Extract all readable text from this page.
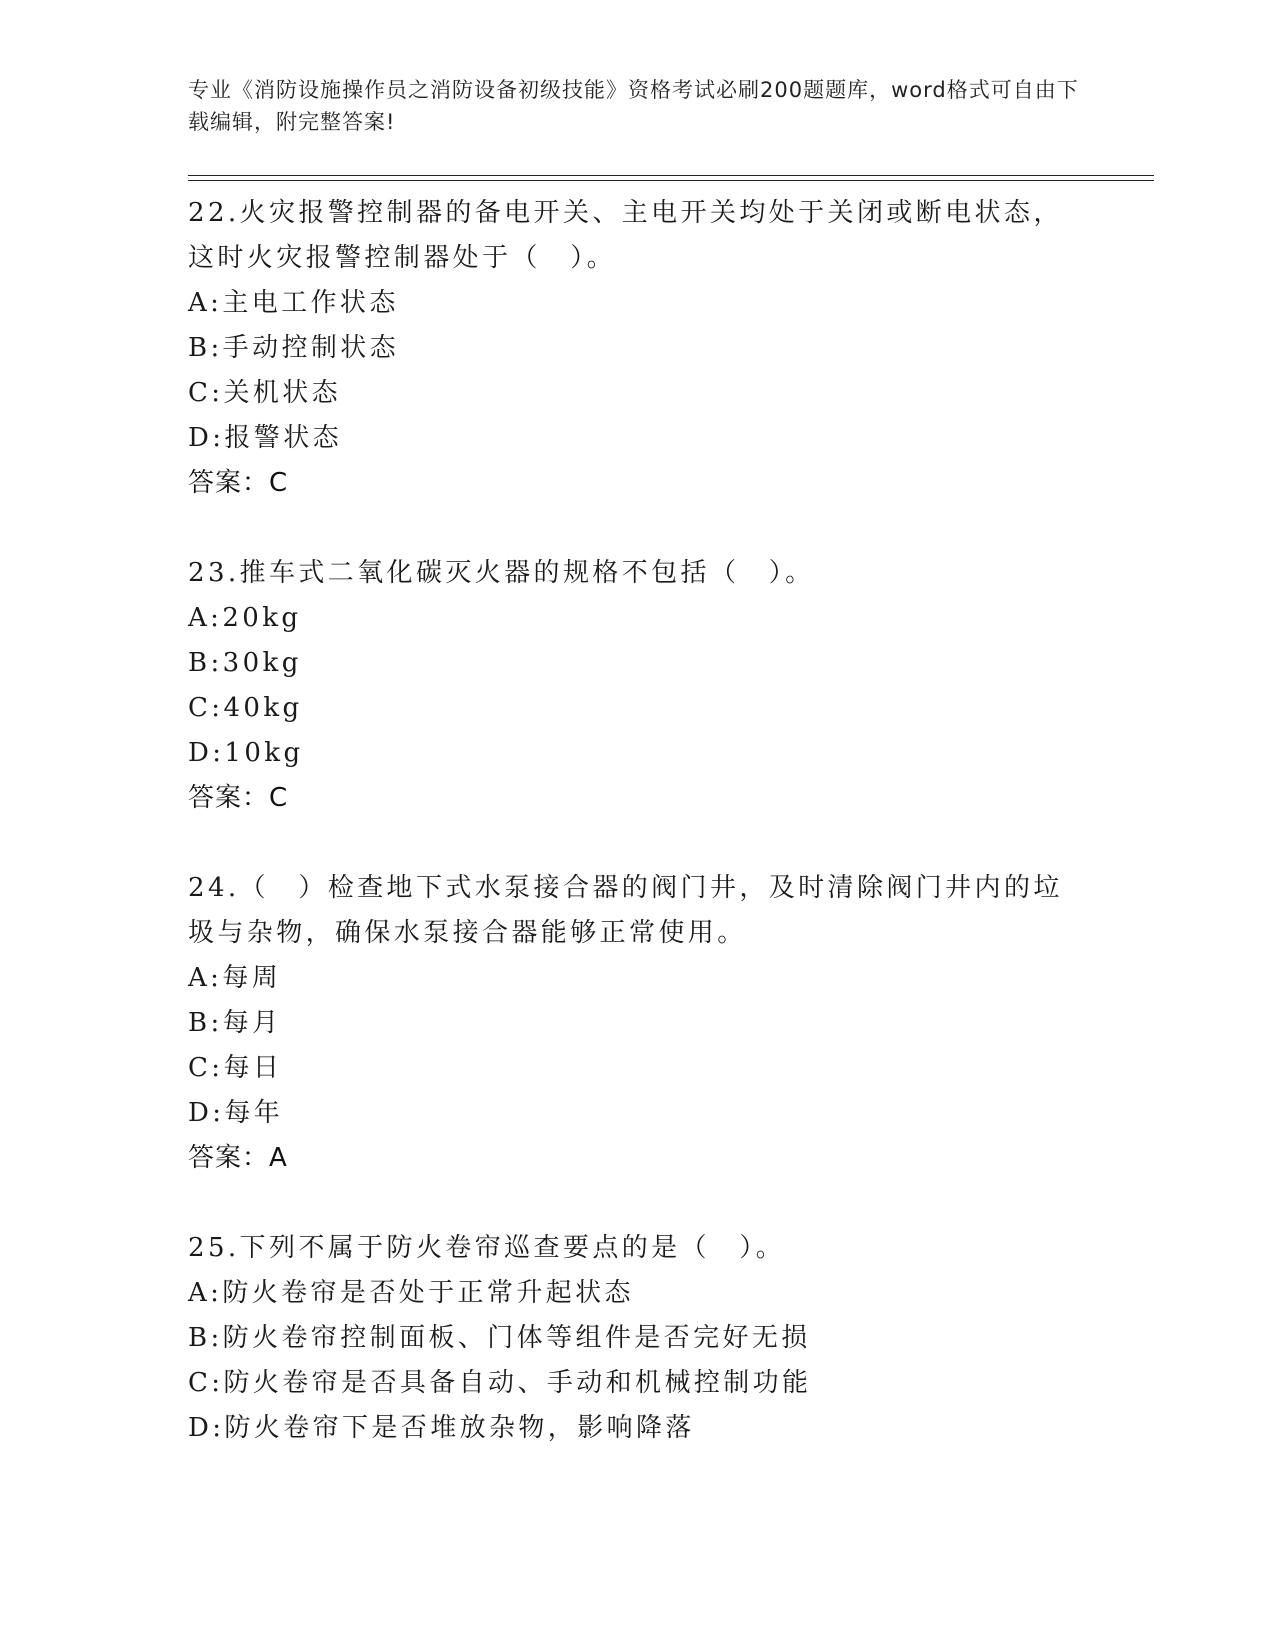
专业《消防设施操作员之消防设备初级技能》资格考试必刷200题题库，word格式可自由下载编辑，附完整答案!
22.火灾报警控制器的备电开关、主电开关均处于关闭或断电状态，这时火灾报警控制器处于（　）。
A:主电工作状态
B:手动控制状态
C:关机状态
D:报警状态
答案：C
23.推车式二氧化碳灭火器的规格不包括（　）。
A:20kg
B:30kg
C:40kg
D:10kg
答案：C
24.（　）检查地下式水泵接合器的阀门井，及时清除阀门井内的垃圾与杂物，确保水泵接合器能够正常使用。
A:每周
B:每月
C:每日
D:每年
答案：A
25.下列不属于防火卷帘巡查要点的是（　）。
A:防火卷帘是否处于正常升起状态
B:防火卷帘控制面板、门体等组件是否完好无损
C:防火卷帘是否具备自动、手动和机械控制功能
D:防火卷帘下是否堆放杂物，影响降落
